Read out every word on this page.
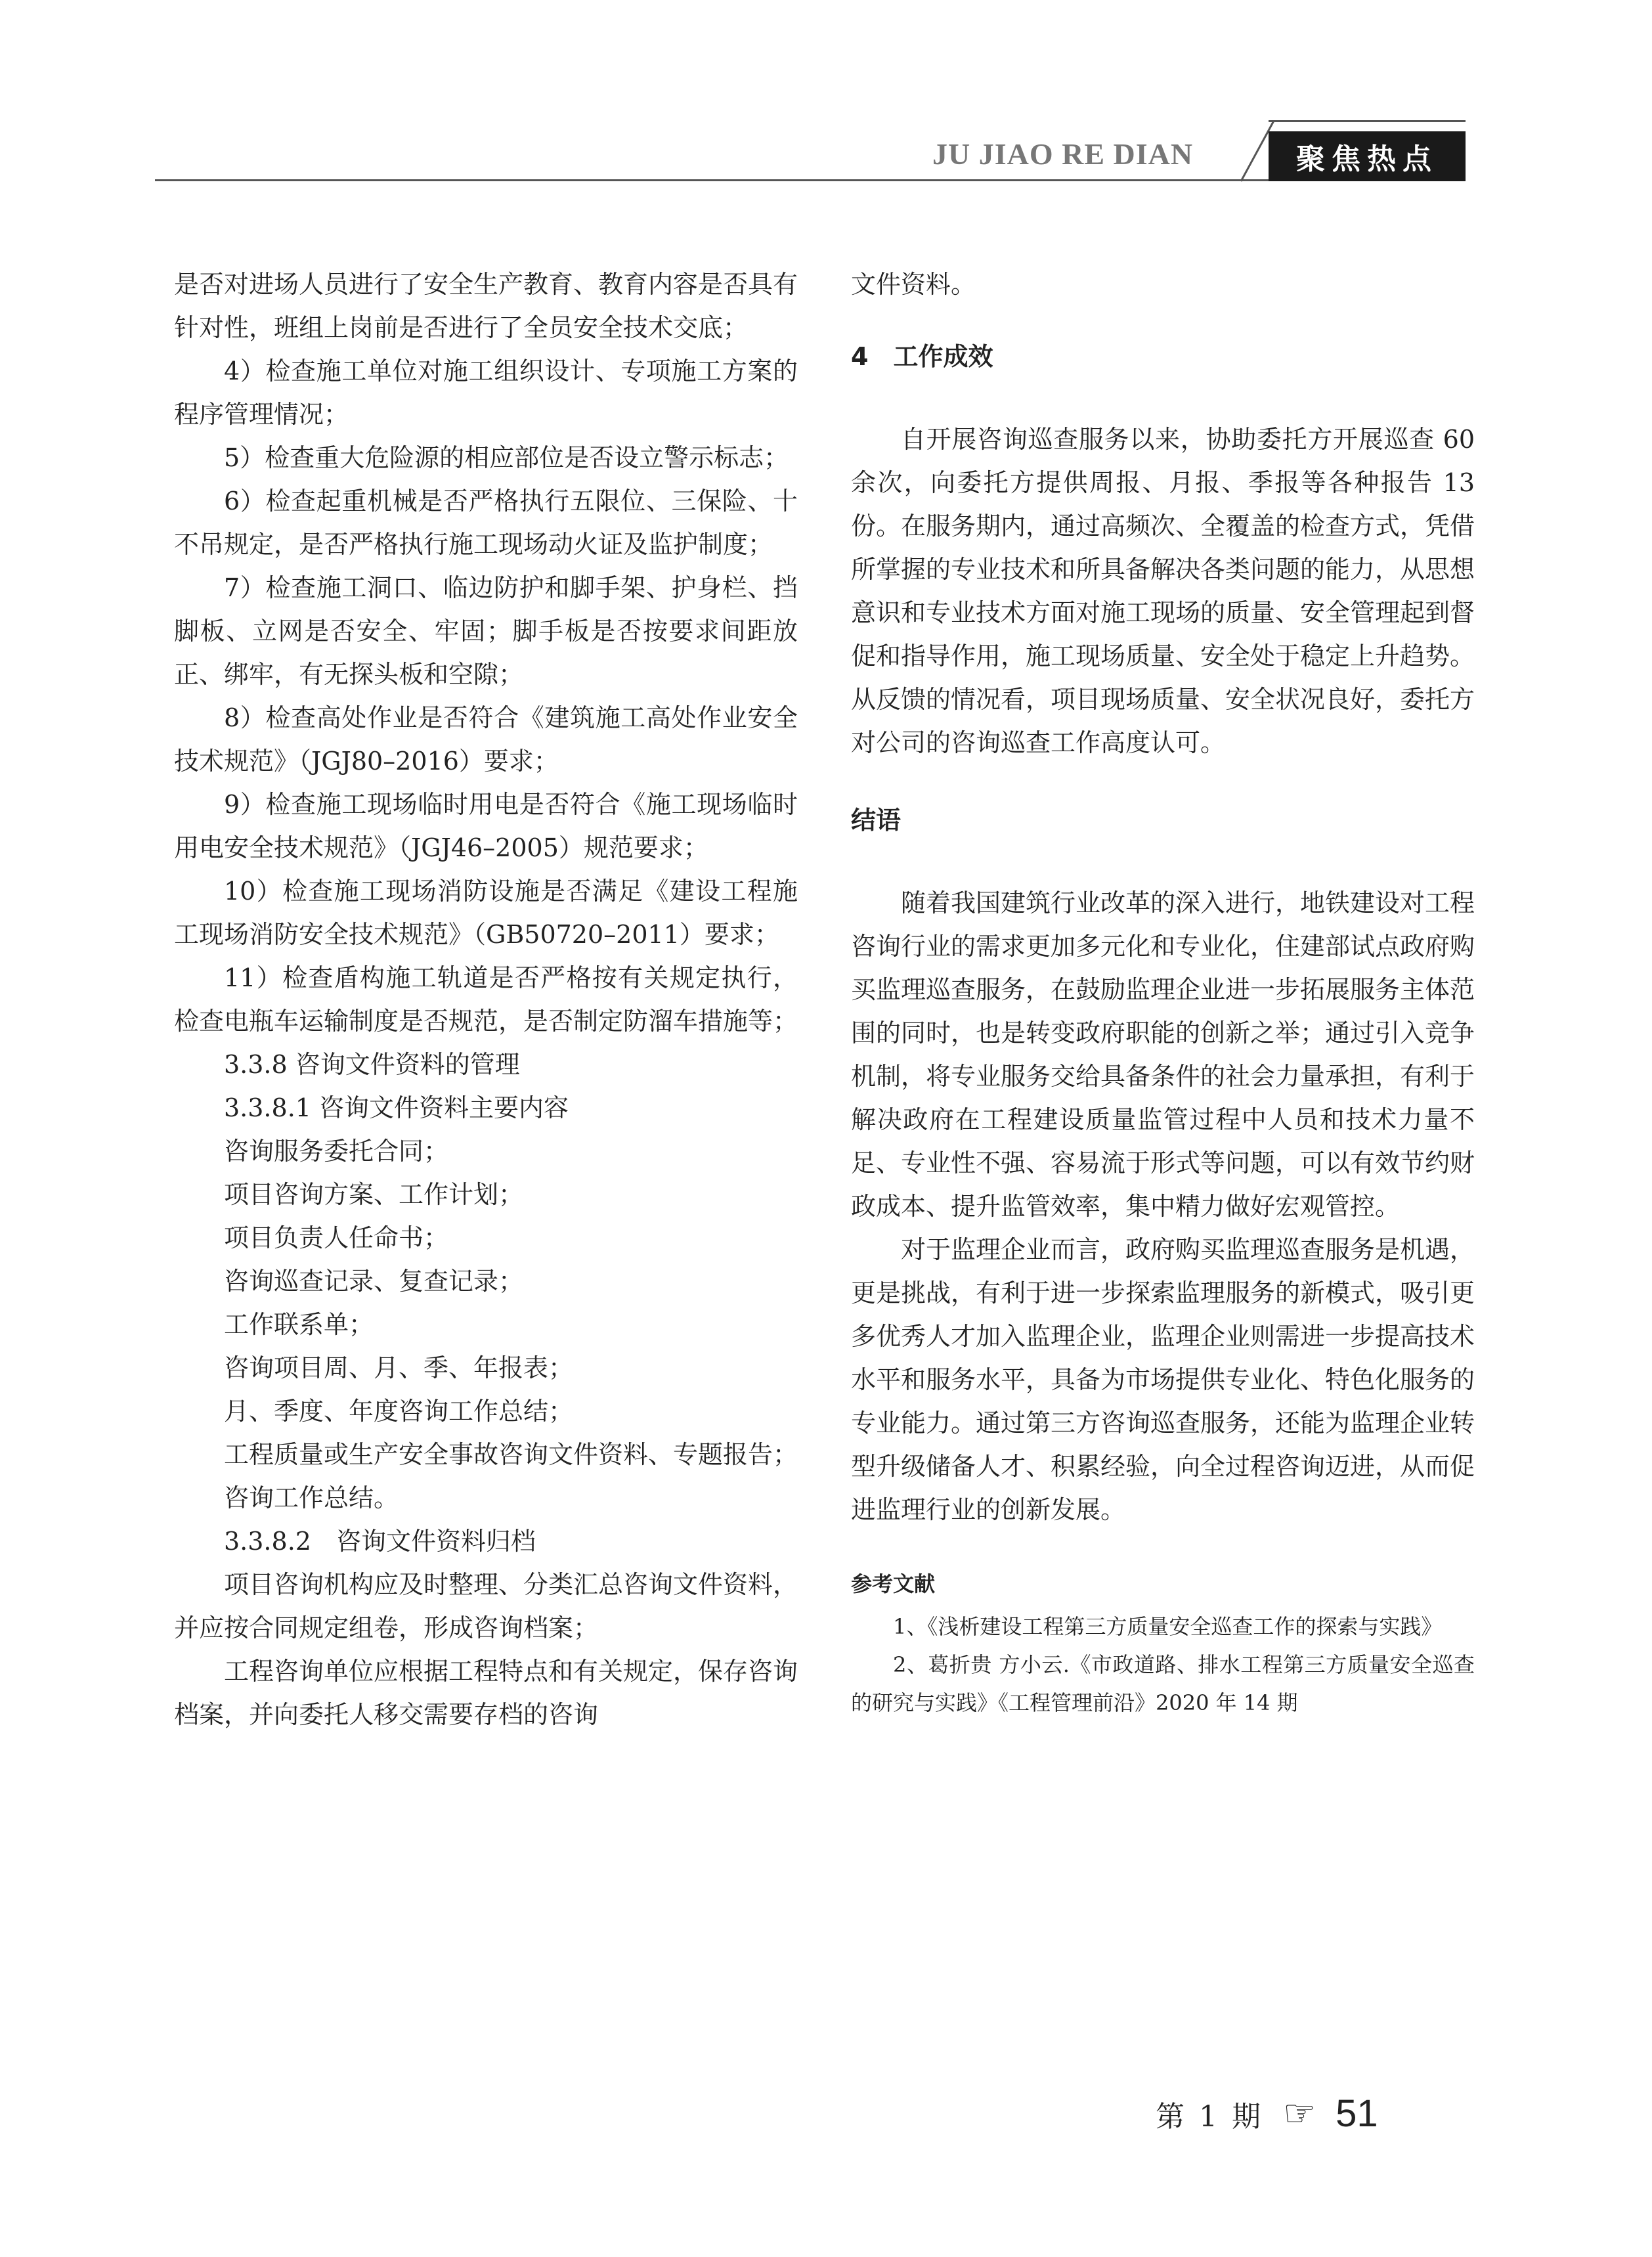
JU JIAO RE DIAN	聚焦热点

是否对进场人员进行了安全生产教育、教育内容是否具有针对性，班组上岗前是否进行了全员安全技术交底；

4）检查施工单位对施工组织设计、专项施工方案的程序管理情况；

5）检查重大危险源的相应部位是否设立警示标志；

6）检查起重机械是否严格执行五限位、三保险、十不吊规定，是否严格执行施工现场动火证及监护制度；

7）检查施工洞口、临边防护和脚手架、护身栏、挡脚板、立网是否安全、牢固；脚手板是否按要求间距放正、绑牢，有无探头板和空隙；

8）检查高处作业是否符合《建筑施工高处作业安全技术规范》（JGJ80–2016）要求；

9）检查施工现场临时用电是否符合《施工现场临时用电安全技术规范》（JGJ46–2005）规范要求；

10）检查施工现场消防设施是否满足《建设工程施工现场消防安全技术规范》（GB50720–2011）要求；

11）检查盾构施工轨道是否严格按有关规定执行，检查电瓶车运输制度是否规范，是否制定防溜车措施等；

3.3.8 咨询文件资料的管理

3.3.8.1 咨询文件资料主要内容

咨询服务委托合同；

项目咨询方案、工作计划；

项目负责人任命书；

咨询巡查记录、复查记录；

工作联系单；

咨询项目周、月、季、年报表；

月、季度、年度咨询工作总结；

工程质量或生产安全事故咨询文件资料、专题报告；

咨询工作总结。

3.3.8.2　咨询文件资料归档

项目咨询机构应及时整理、分类汇总咨询文件资料，并应按合同规定组卷，形成咨询档案；

工程咨询单位应根据工程特点和有关规定，保存咨询档案，并向委托人移交需要存档的咨询

文件资料。

4　工作成效

自开展咨询巡查服务以来，协助委托方开展巡查 60 余次，向委托方提供周报、月报、季报等各种报告 13 份。在服务期内，通过高频次、全覆盖的检查方式，凭借所掌握的专业技术和所具备解决各类问题的能力，从思想意识和专业技术方面对施工现场的质量、安全管理起到督促和指导作用，施工现场质量、安全处于稳定上升趋势。从反馈的情况看，项目现场质量、安全状况良好，委托方对公司的咨询巡查工作高度认可。

结语

随着我国建筑行业改革的深入进行，地铁建设对工程咨询行业的需求更加多元化和专业化，住建部试点政府购买监理巡查服务，在鼓励监理企业进一步拓展服务主体范围的同时，也是转变政府职能的创新之举；通过引入竞争机制，将专业服务交给具备条件的社会力量承担，有利于解决政府在工程建设质量监管过程中人员和技术力量不足、专业性不强、容易流于形式等问题，可以有效节约财政成本、提升监管效率，集中精力做好宏观管控。

对于监理企业而言，政府购买监理巡查服务是机遇，更是挑战，有利于进一步探索监理服务的新模式，吸引更多优秀人才加入监理企业，监理企业则需进一步提高技术水平和服务水平，具备为市场提供专业化、特色化服务的专业能力。通过第三方咨询巡查服务，还能为监理企业转型升级储备人才、积累经验，向全过程咨询迈进，从而促进监理行业的创新发展。

参考文献

1、《浅析建设工程第三方质量安全巡查工作的探索与实践》

2、葛折贵 方小云.《市政道路、排水工程第三方质量安全巡查的研究与实践》《工程管理前沿》2020 年 14 期

第 1 期 ☞ 51
